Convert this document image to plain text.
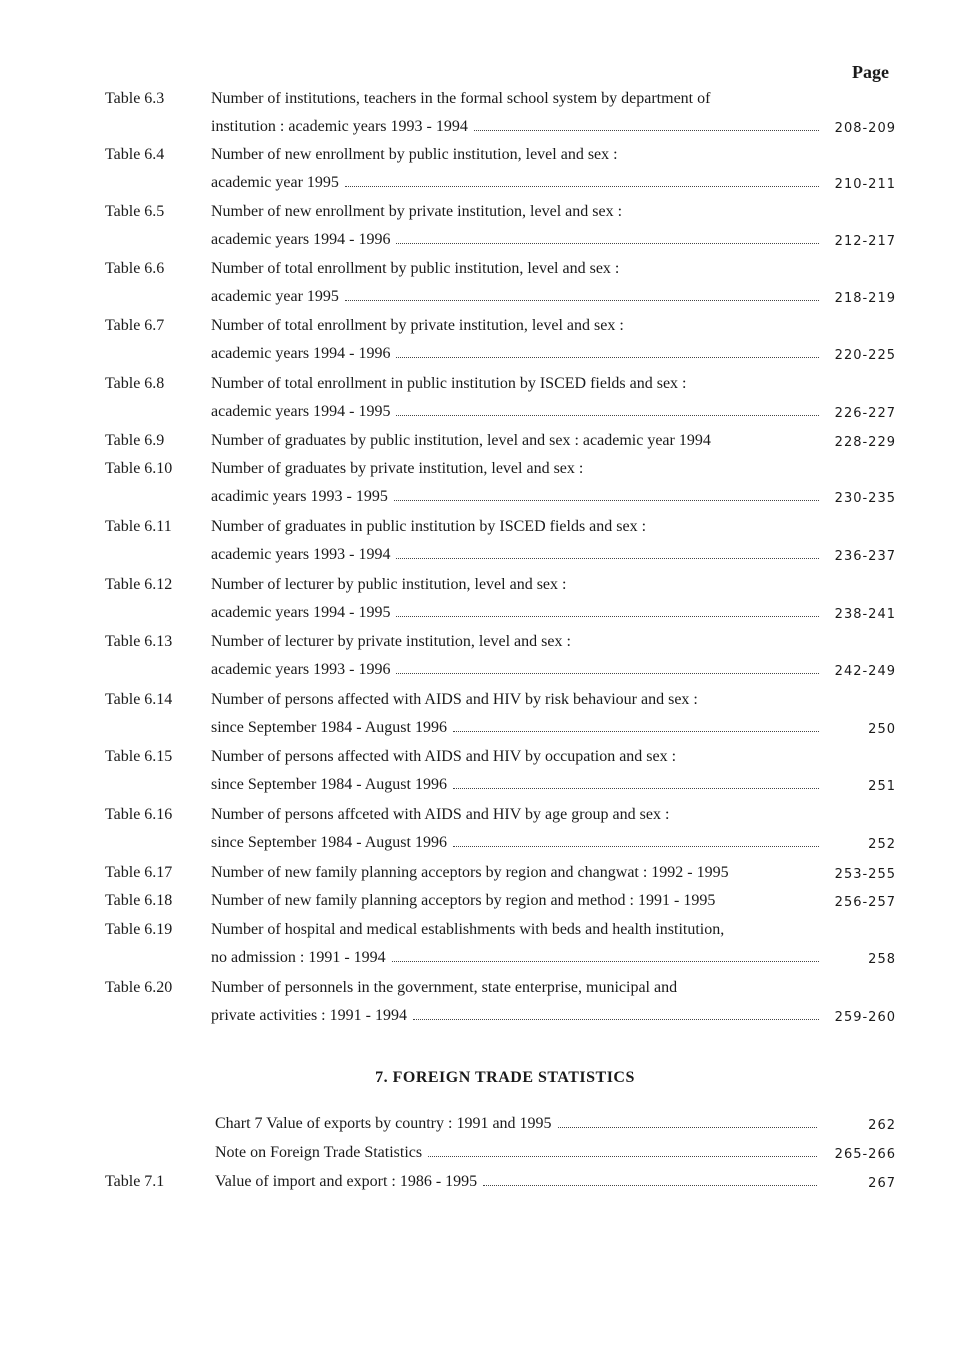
Page
Table 6.3	Number of institutions, teachers in the formal school system by department of
institution : academic years 1993 - 1994	208-209
Table 6.4	Number of new enrollment by public institution, level and sex :
academic year 1995	210-211
Table 6.5	Number of new enrollment by private institution, level and sex :
academic years 1994 - 1996	212-217
Table 6.6	Number of total enrollment by public institution, level and sex :
academic year 1995	218-219
Table 6.7	Number of total enrollment by private institution, level and sex :
academic years 1994 - 1996	220-225
Table 6.8	Number of total enrollment in public institution by ISCED fields and sex :
academic years 1994 - 1995	226-227
Table 6.9	Number of graduates by public institution, level and sex : academic year 1994	228-229
Table 6.10 Number of graduates by private institution, level and sex :
acadimic years 1993 - 1995	230-235
Table 6.11 Number of graduates in public institution by ISCED fields and sex :
academic years 1993 - 1994	236-237
Table 6.12 Number of lecturer by public institution, level and sex :
academic years 1994 - 1995	238-241
Table 6.13 Number of lecturer by private institution, level and sex :
academic years 1993 - 1996	242-249
Table 6.14 Number of persons affected with AIDS and HIV by risk behaviour and sex :
since September 1984 - August 1996	250
Table 6.15 Number of persons affected with AIDS and HIV by occupation and sex :
since September 1984 - August 1996	251
Table 6.16 Number of persons affceted with AIDS and HIV by age group and sex :
since September 1984 - August 1996	252
Table 6.17 Number of new family planning acceptors by region and changwat : 1992 - 1995	253-255
Table 6.18 Number of new family planning acceptors by region and method : 1991 - 1995	256-257
Table 6.19 Number of hospital and medical establishments with beds and health institution,
no admission : 1991 - 1994	258
Table 6.20 Number of personnels in the government, state enterprise, municipal and
private activities : 1991 - 1994	259-260
7. FOREIGN TRADE STATISTICS
Chart 7 Value of exports by country : 1991 and 1995	262
Note on Foreign Trade Statistics	265-266
Table 7.1	Value of import and export : 1986 - 1995	267
